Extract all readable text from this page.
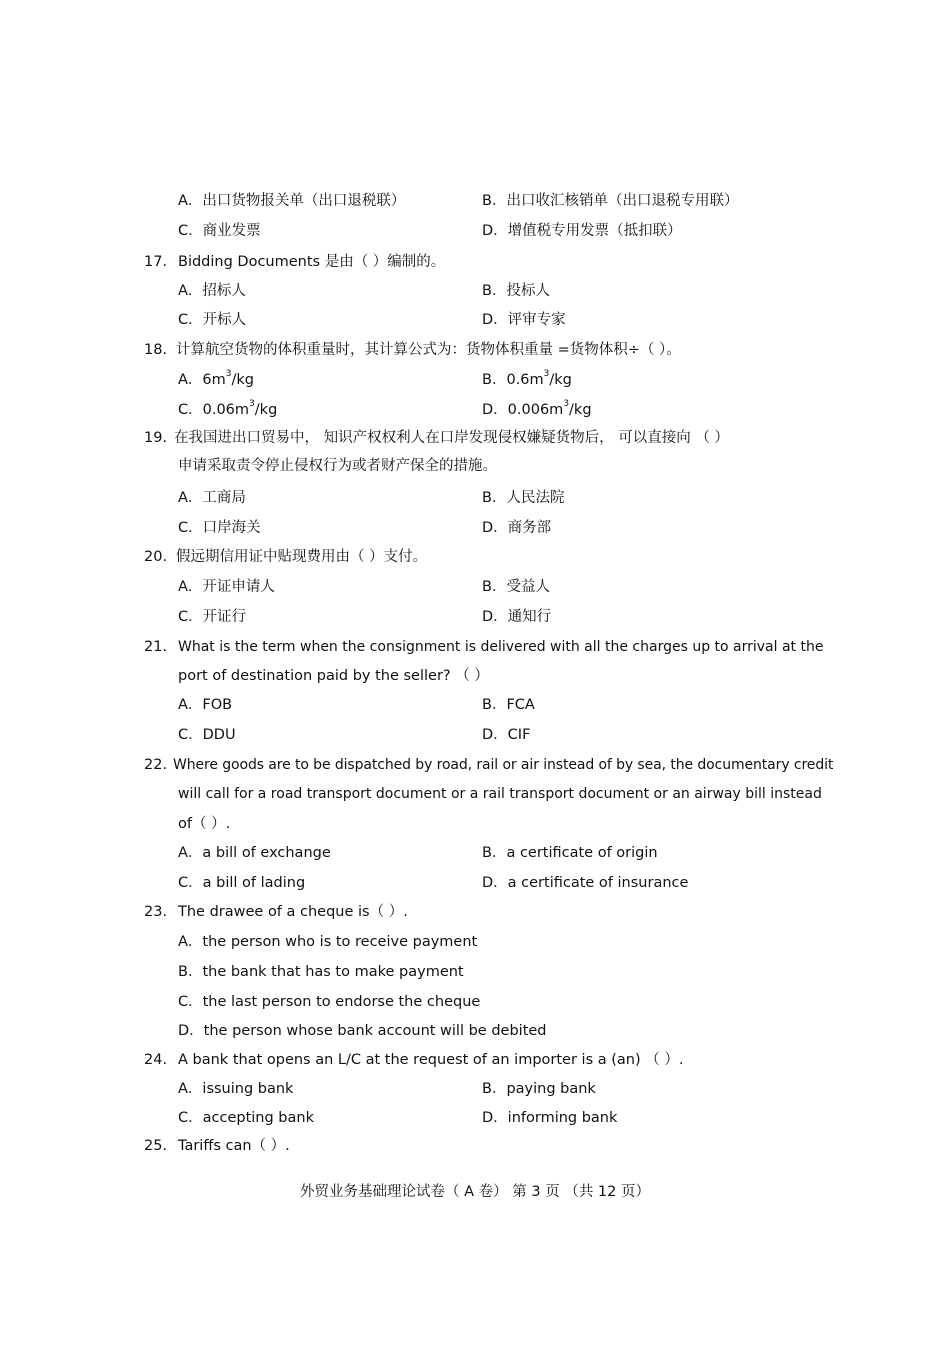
A．出口货物报关单（出口退税联）	B．出口收汇核销单（出口退税专用联）
C．商业发票	D．增值税专用发票（抵扣联）
17. Bidding Documents 是由（ ）编制的。
A．招标人	B．投标人
C．开标人	D．评审专家
18. 计算航空货物的体积重量时，其计算公式为：货物体积重量 =货物体积÷（ ）。
A．$6m^3/kg$	B．$0.6m^3/kg$
C．$0.06m^3/kg$	D．$0.006m^3/kg$
19. 在我国进出口贸易中， 知识产权权利人在口岸发现侵权嫌疑货物后， 可以直接向 （ ）
申请采取责令停止侵权行为或者财产保全的措施。
A．工商局	B．人民法院
C．口岸海关	D．商务部
20. 假远期信用证中贴现费用由（ ）支付。
A．开证申请人	B．受益人
C．开证行	D．通知行
21. What is the term when the consignment is delivered with all the charges up to arrival at the
port of destination paid by the seller? （ ）
A．FOB	B．FCA
C．DDU	D．CIF
22. Where goods are to be dispatched by road, rail or air instead of by sea, the documentary credit
will call for a road transport document or a rail transport document or an airway bill instead
of（ ）.
A．a bill of exchange	B．a certificate of origin
C．a bill of lading	D．a certificate of insurance
23. The drawee of a cheque is（ ）.
A．the person who is to receive payment
B．the bank that has to make payment
C．the last person to endorse the cheque
D．the person whose bank account will be debited
24. A bank that opens an L/C at the request of an importer is a (an) （ ）.
A．issuing bank	B．paying bank
C．accepting bank	D．informing bank
25. Tariffs can（ ）.
外贸业务基础理论试卷（ A 卷） 第 3 页 （共 12 页）
